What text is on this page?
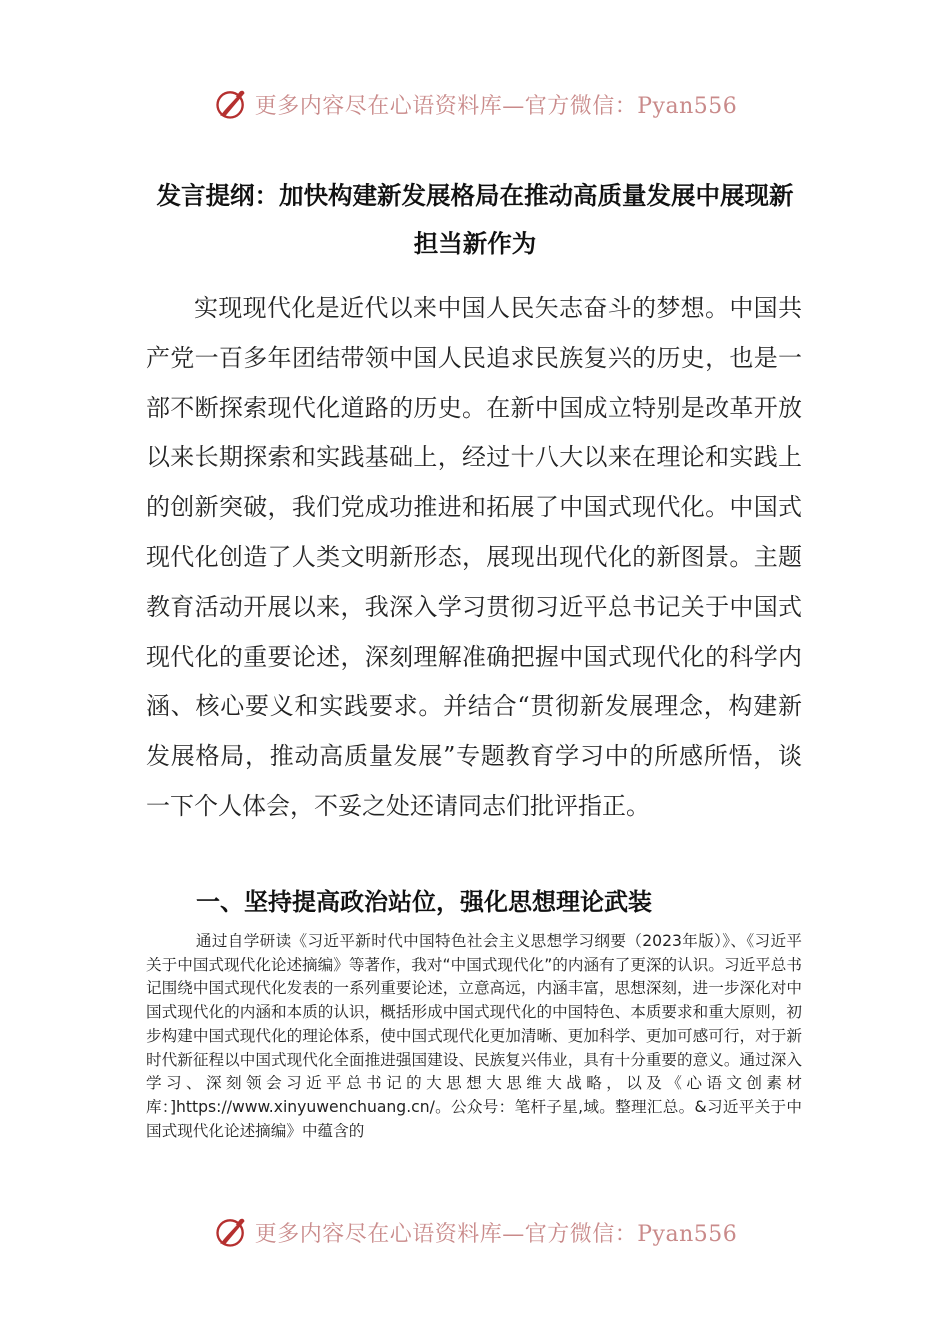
更多内容尽在心语资料库—官方微信：Pyan556
发言提纲：加快构建新发展格局在推动高质量发展中展现新担当新作为

实现现代化是近代以来中国人民矢志奋斗的梦想。中国共产党一百多年团结带领中国人民追求民族复兴的历史，也是一部不断探索现代化道路的历史。在新中国成立特别是改革开放以来长期探索和实践基础上，经过十八大以来在理论和实践上的创新突破，我们党成功推进和拓展了中国式现代化。中国式现代化创造了人类文明新形态，展现出现代化的新图景。主题教育活动开展以来，我深入学习贯彻习近平总书记关于中国式现代化的重要论述，深刻理解准确把握中国式现代化的科学内涵、核心要义和实践要求。并结合“贯彻新发展理念，构建新发展格局，推动高质量发展”专题教育学习中的所感所悟，谈一下个人体会，不妥之处还请同志们批评指正。

一、坚持提高政治站位，强化思想理论武装

通过自学研读《习近平新时代中国特色社会主义思想学习纲要（2023年版）》、《习近平关于中国式现代化论述摘编》等著作，我对“中国式现代化”的内涵有了更深的认识。习近平总书记围绕中国式现代化发表的一系列重要论述，立意高远，内涵丰富，思想深刻，进一步深化对中国式现代化的内涵和本质的认识，概括形成中国式现代化的中国特色、本质要求和重大原则，初步构建中国式现代化的理论体系，使中国式现代化更加清晰、更加科学、更加可感可行，对于新时代新征程以中国式现代化全面推进强国建设、民族复兴伟业，具有十分重要的意义。通过深入学习、深刻领会习近平总书记的大思想大思维大战略，以及《心语文创素材库：]https://www.xinyuwenchuang.cn/。公众号：笔杆子星,域。整理汇总。&习近平关于中国式现代化论述摘编》中蕴含的

更多内容尽在心语资料库—官方微信：Pyan556
